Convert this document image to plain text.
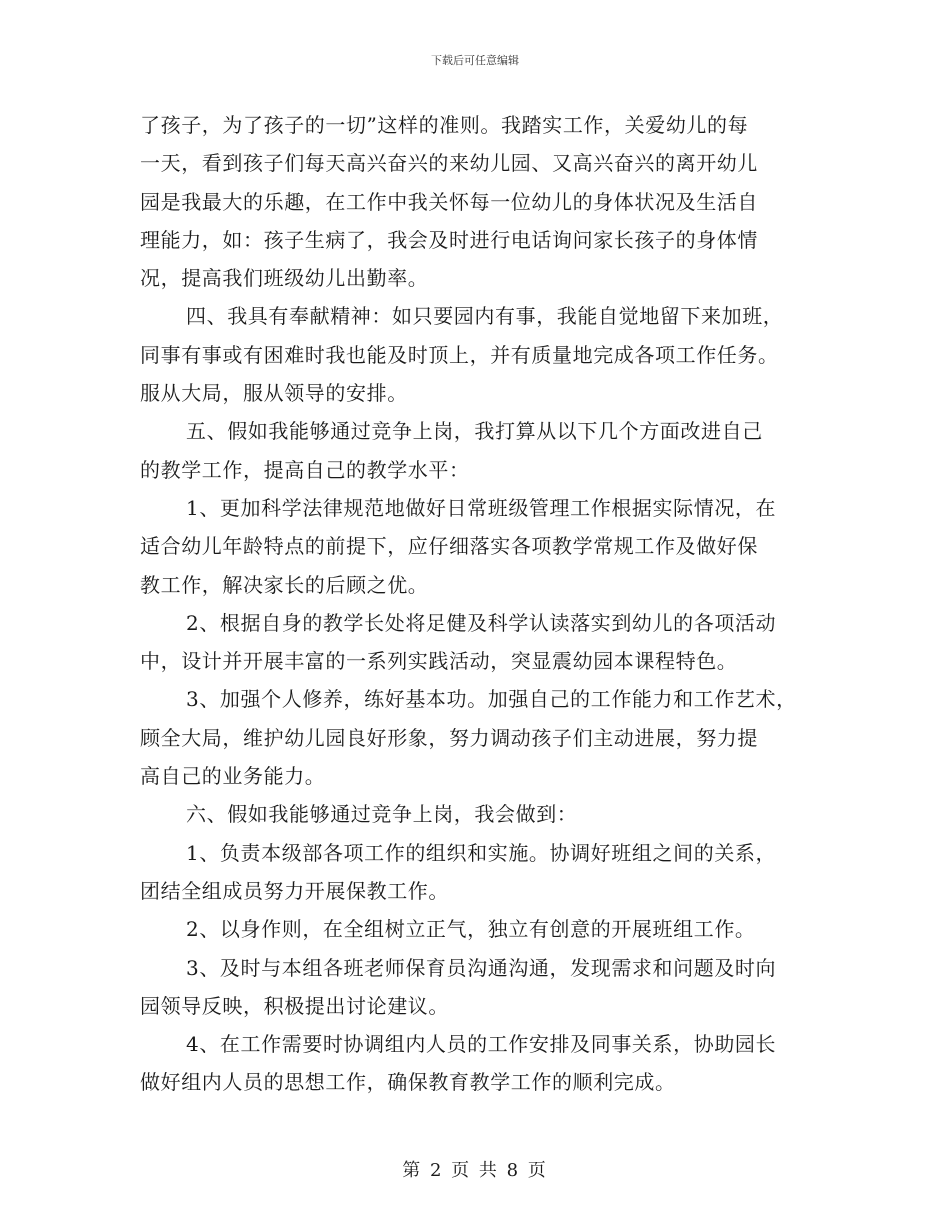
下载后可任意编辑
了孩子，为了孩子的一切”这样的准则。我踏实工作，关爱幼儿的每
一天，看到孩子们每天高兴奋兴的来幼儿园、又高兴奋兴的离开幼儿
园是我最大的乐趣，在工作中我关怀每一位幼儿的身体状况及生活自
理能力，如：孩子生病了，我会及时进行电话询问家长孩子的身体情
况，提高我们班级幼儿出勤率。
四、我具有奉献精神：如只要园内有事，我能自觉地留下来加班，
同事有事或有困难时我也能及时顶上，并有质量地完成各项工作任务。
服从大局，服从领导的安排。
五、假如我能够通过竞争上岗，我打算从以下几个方面改进自己
的教学工作，提高自己的教学水平：
1、更加科学法律规范地做好日常班级管理工作根据实际情况，在
适合幼儿年龄特点的前提下，应仔细落实各项教学常规工作及做好保
教工作，解决家长的后顾之优。
2、根据自身的教学长处将足健及科学认读落实到幼儿的各项活动
中，设计并开展丰富的一系列实践活动，突显震幼园本课程特色。
3、加强个人修养，练好基本功。加强自己的工作能力和工作艺术，
顾全大局，维护幼儿园良好形象，努力调动孩子们主动进展，努力提
高自己的业务能力。
六、假如我能够通过竞争上岗，我会做到：
1、负责本级部各项工作的组织和实施。协调好班组之间的关系，
团结全组成员努力开展保教工作。
2、以身作则，在全组树立正气，独立有创意的开展班组工作。
3、及时与本组各班老师保育员沟通沟通，发现需求和问题及时向
园领导反映，积极提出讨论建议。
4、在工作需要时协调组内人员的工作安排及同事关系，协助园长
做好组内人员的思想工作，确保教育教学工作的顺利完成。
第 2 页 共 8 页
